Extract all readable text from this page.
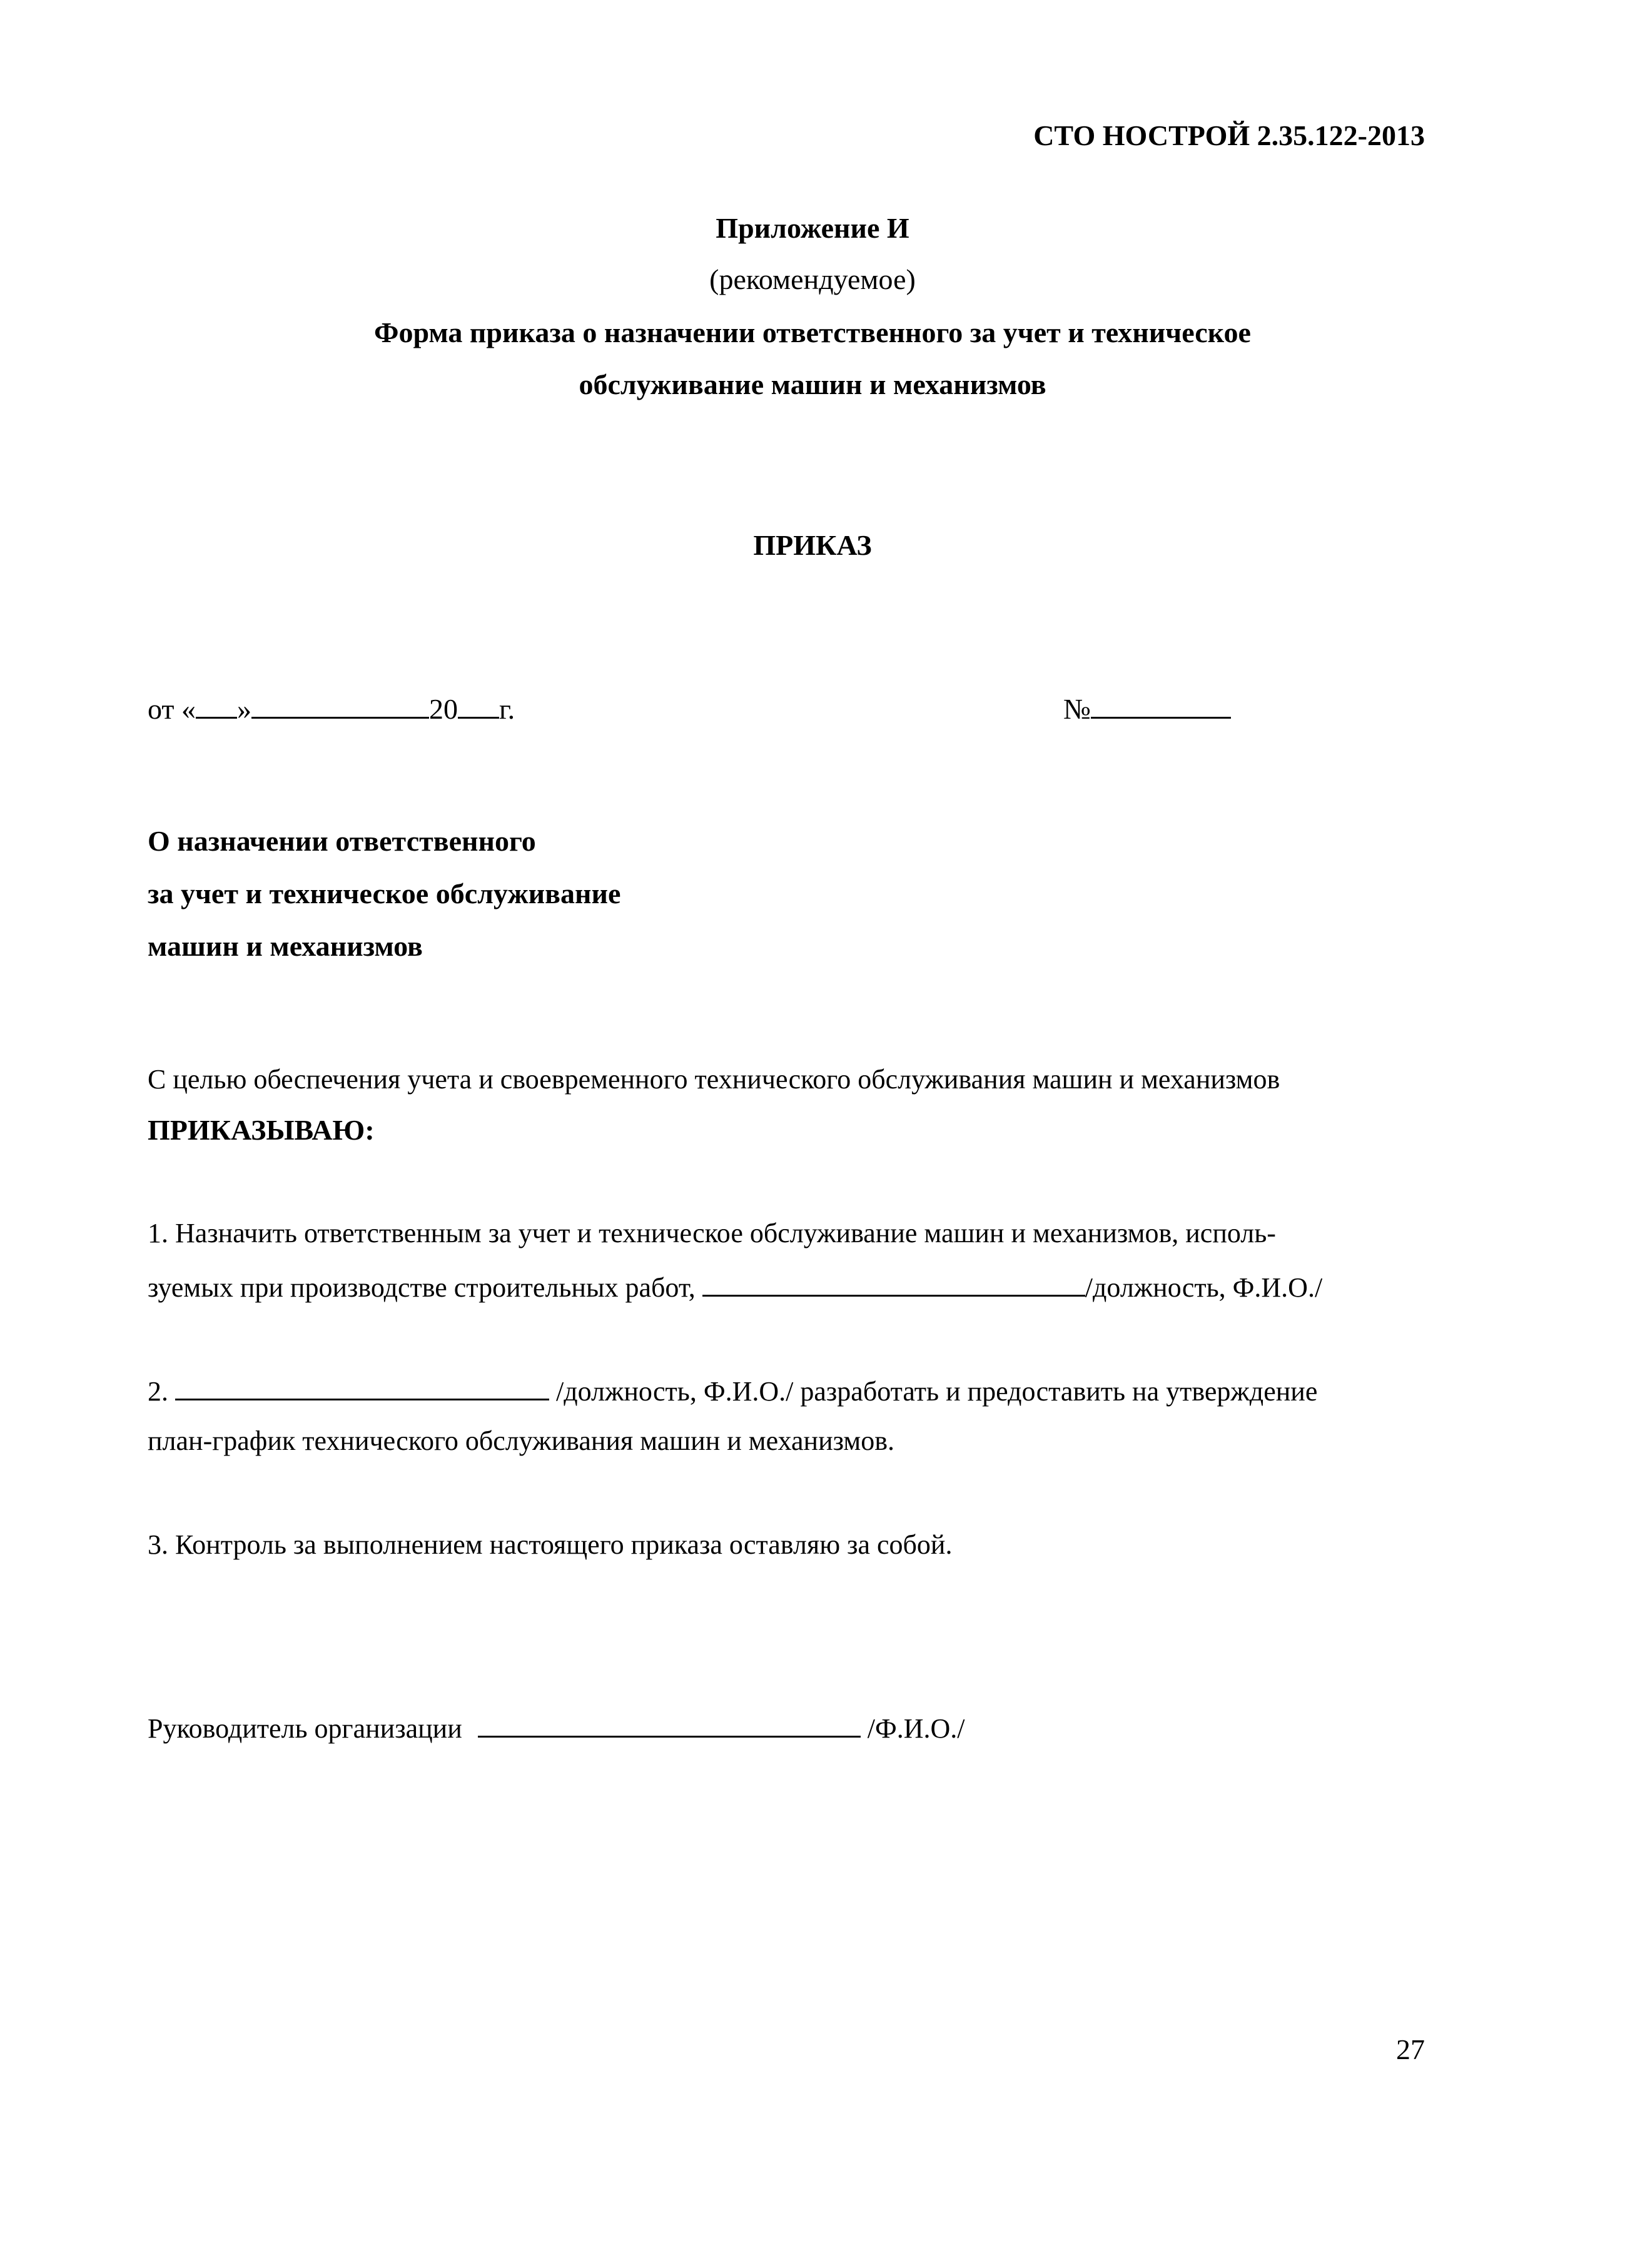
СТО НОСТРОЙ 2.35.122-2013
Приложение И
(рекомендуемое)
Форма приказа о назначении ответственного за учет и техническое
обслуживание машин и механизмов
ПРИКАЗ
от « »	20 г.	№
О назначении ответственного
за учет и техническое обслуживание
машин и механизмов
С целью обеспечения учета и своевременного технического обслуживания машин и механизмов
ПРИКАЗЫВАЮ:
1. Назначить ответственным за учет и техническое обслуживание машин и механизмов, исполь-
зуемых при производстве строительных работ,	/должность, Ф.И.О./
2.	/должность, Ф.И.О./ разработать и предоставить на утверждение
план-график технического обслуживания машин и механизмов.
3. Контроль за выполнением настоящего приказа оставляю за собой.
Руководитель организации	/Ф.И.О./
27
